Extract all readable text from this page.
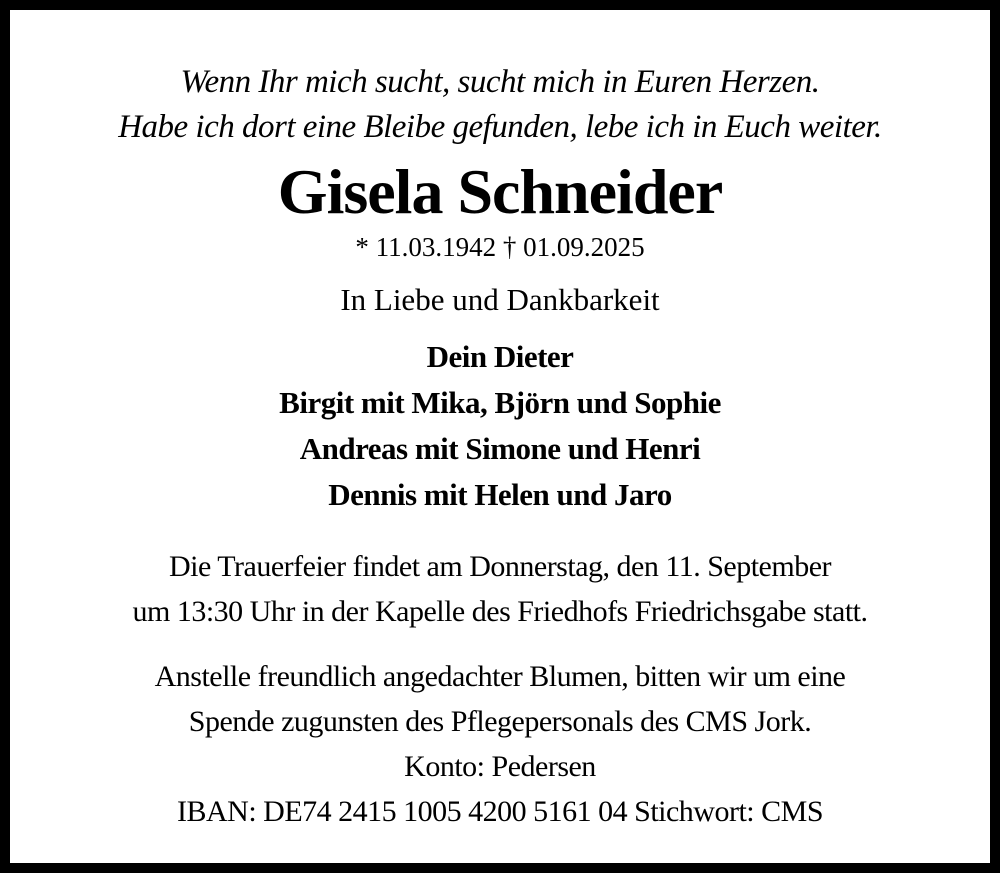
Wenn Ihr mich sucht, sucht mich in Euren Herzen.
Habe ich dort eine Bleibe gefunden, lebe ich in Euch weiter.
Gisela Schneider
* 11.03.1942 † 01.09.2025
In Liebe und Dankbarkeit
Dein Dieter
Birgit mit Mika, Björn und Sophie
Andreas mit Simone und Henri
Dennis mit Helen und Jaro
Die Trauerfeier findet am Donnerstag, den 11. September
um 13:30 Uhr in der Kapelle des Friedhofs Friedrichsgabe statt.
Anstelle freundlich angedachter Blumen, bitten wir um eine
Spende zugunsten des Pflegepersonals des CMS Jork.
Konto: Pedersen
IBAN: DE74 2415 1005 4200 5161 04 Stichwort: CMS
